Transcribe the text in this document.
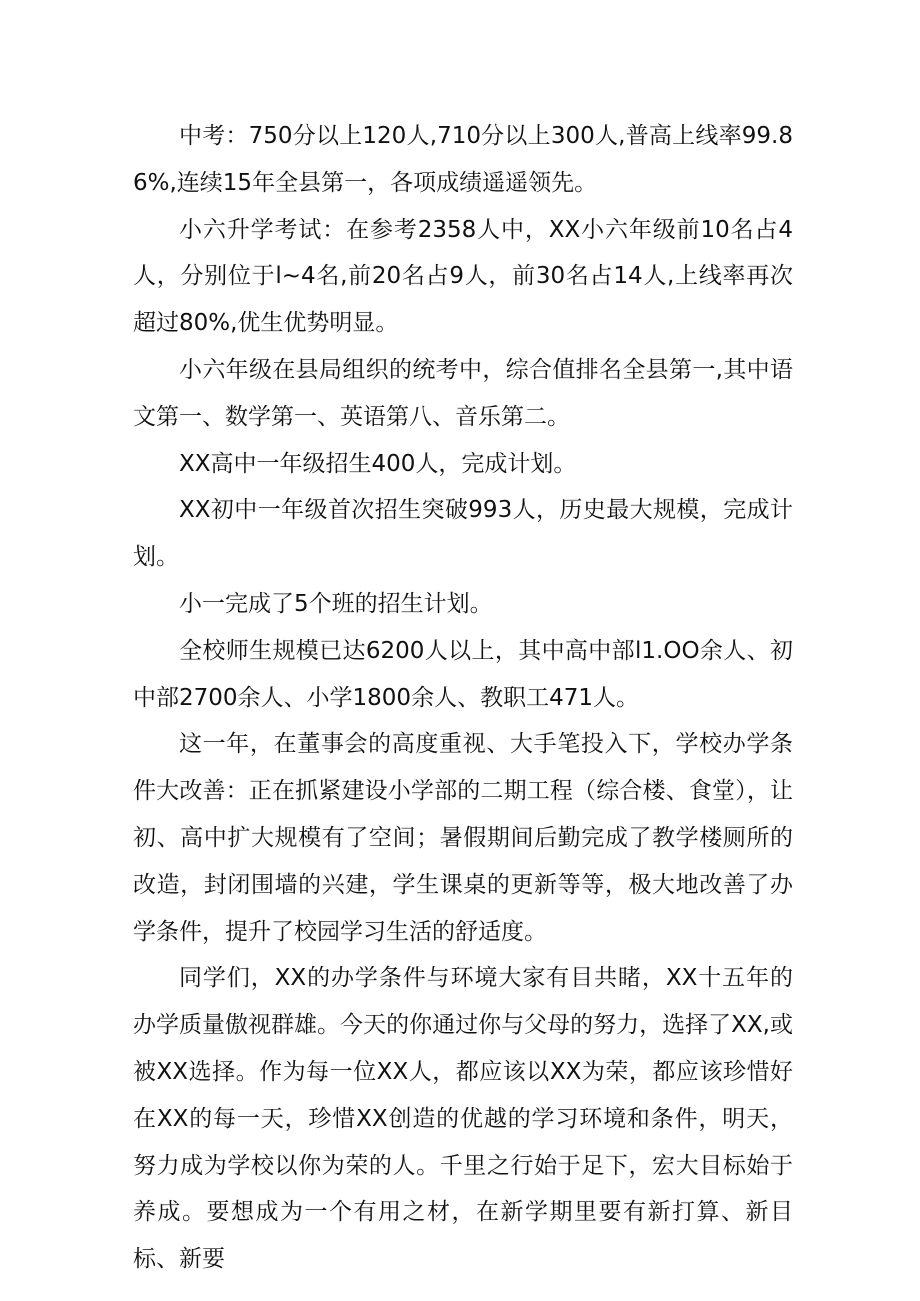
中考：750分以上120人,710分以上300人,普高上线率99.86%,连续15年全县第一，各项成绩遥遥领先。

小六升学考试：在参考2358人中，XX小六年级前10名占4人，分别位于l~4名,前20名占9人，前30名占14人,上线率再次超过80%,优生优势明显。

小六年级在县局组织的统考中，综合值排名全县第一,其中语文第一、数学第一、英语第八、音乐第二。

XX高中一年级招生400人，完成计划。

XX初中一年级首次招生突破993人，历史最大规模，完成计划。

小一完成了5个班的招生计划。

全校师生规模已达6200人以上，其中高中部l1.OO余人、初中部2700余人、小学1800余人、教职工471人。

这一年，在董事会的高度重视、大手笔投入下，学校办学条件大改善：正在抓紧建设小学部的二期工程（综合楼、食堂），让初、高中扩大规模有了空间；暑假期间后勤完成了教学楼厕所的改造，封闭围墙的兴建，学生课桌的更新等等，极大地改善了办学条件，提升了校园学习生活的舒适度。

同学们，XX的办学条件与环境大家有目共睹，XX十五年的办学质量傲视群雄。今天的你通过你与父母的努力，选择了XX,或被XX选择。作为每一位XX人，都应该以XX为荣，都应该珍惜好在XX的每一天，珍惜XX创造的优越的学习环境和条件，明天，努力成为学校以你为荣的人。千里之行始于足下，宏大目标始于养成。要想成为一个有用之材，在新学期里要有新打算、新目标、新要
